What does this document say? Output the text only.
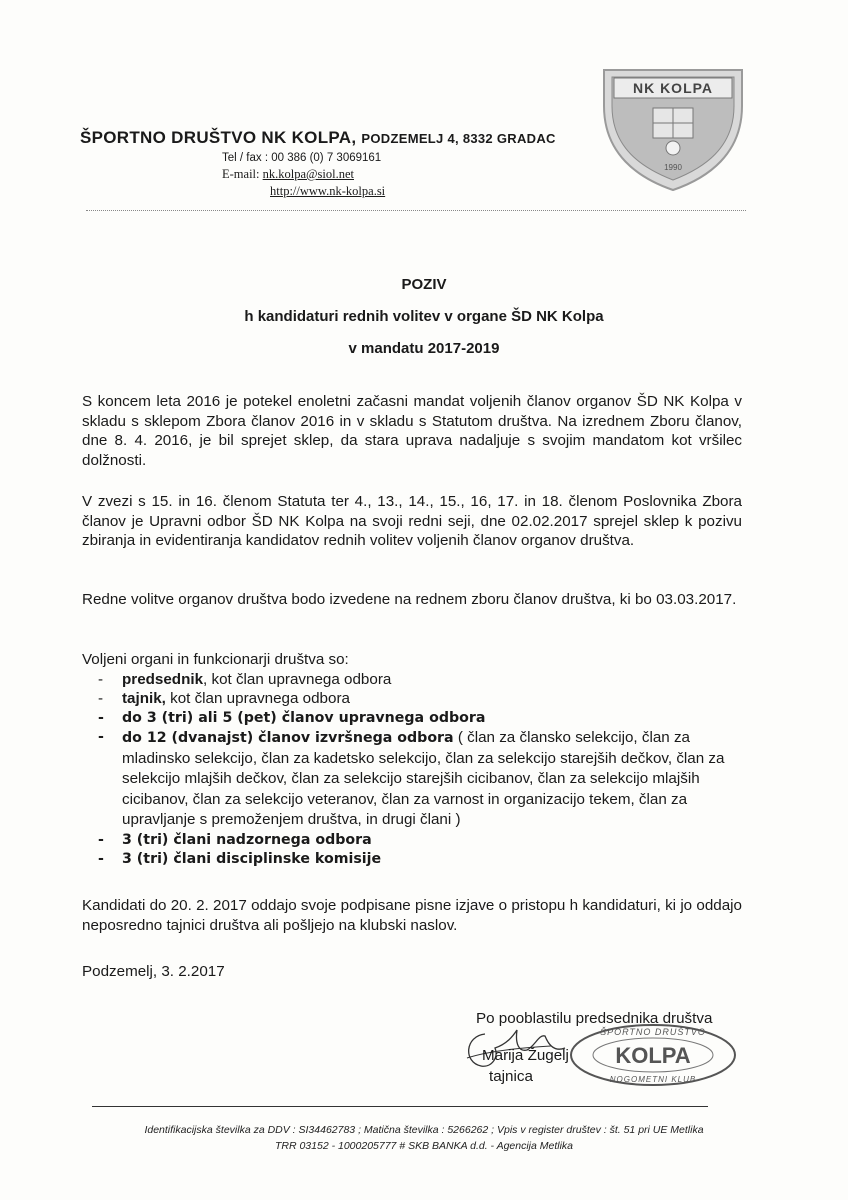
ŠPORTNO DRUŠTVO NK KOLPA, PODZEMELJ 4, 8332 GRADAC
Tel / fax : 00 386 (0) 7 3069161
E-mail: nk.kolpa@siol.net
http://www.nk-kolpa.si
NK KOLPA
1990
POZIV
h kandidaturi rednih volitev v organe ŠD NK Kolpa
v mandatu 2017-2019
S koncem leta 2016 je potekel enoletni začasni mandat voljenih članov organov ŠD NK Kolpa v skladu s sklepom Zbora članov 2016 in v skladu s Statutom društva. Na izrednem Zboru članov, dne 8. 4. 2016, je bil sprejet sklep, da stara uprava nadaljuje s svojim mandatom kot vršilec dolžnosti.
V zvezi s 15. in 16. členom Statuta ter 4., 13., 14., 15., 16, 17. in 18. členom Poslovnika Zbora članov je Upravni odbor ŠD NK Kolpa na svoji redni seji, dne 02.02.2017 sprejel sklep k pozivu zbiranja in evidentiranja kandidatov rednih volitev voljenih članov organov društva.
Redne volitve organov društva bodo izvedene na rednem zboru članov društva, ki bo 03.03.2017.
Voljeni organi in funkcionarji društva so:
- predsednik, kot član upravnega odbora
- tajnik, kot član upravnega odbora
- do 3 (tri) ali 5 (pet) članov upravnega odbora
- do 12 (dvanajst) članov izvršnega odbora ( član za člansko selekcijo, član za mladinsko selekcijo, član za kadetsko selekcijo, član za selekcijo starejših dečkov, član za selekcijo mlajših dečkov, član za selekcijo starejših cicibanov, član za selekcijo mlajših cicibanov, član za selekcijo veteranov, član za varnost in organizacijo tekem, član za upravljanje s premoženjem društva, in drugi člani )
- 3 (tri) člani nadzornega odbora
- 3 (tri) člani disciplinske komisije
Kandidati do 20. 2. 2017 oddajo svoje podpisane pisne izjave o pristopu h kandidaturi, ki jo oddajo neposredno tajnici društva ali pošljejo na klubski naslov.
Podzemelj, 3. 2.2017
Po pooblastilu predsednika društva
Marija Žugelj
tajnica
ŠPORTNO DRUŠTVO
KOLPA
NOGOMETNI KLUB
Identifikacijska številka za DDV : SI34462783 ; Matična številka : 5266262 ; Vpis v register društev : št. 51 pri UE Metlika
TRR 03152 - 1000205777 # SKB BANKA d.d. - Agencija Metlika
